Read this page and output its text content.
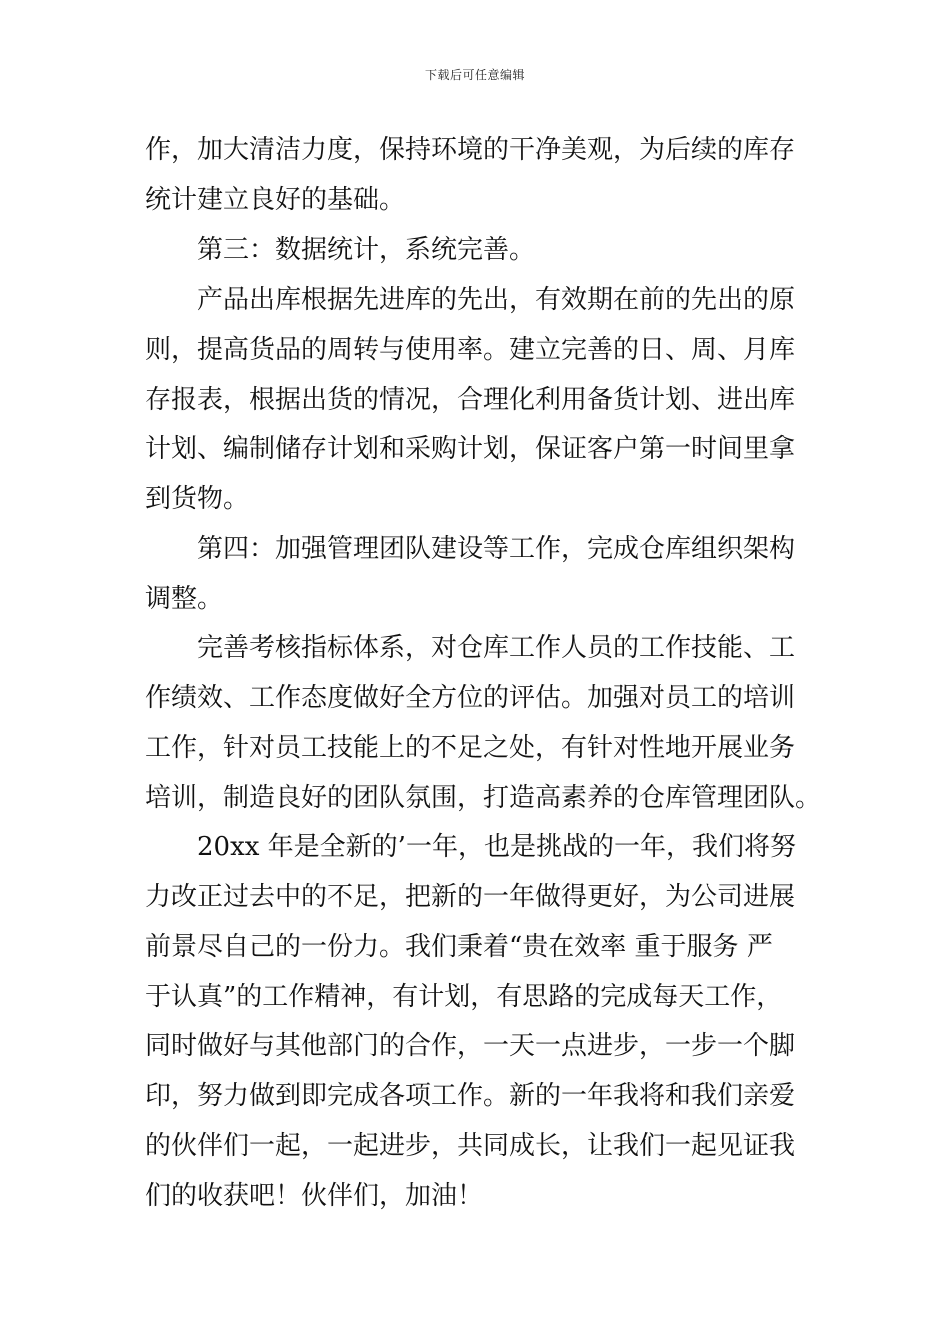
下载后可任意编辑
作，加大清洁力度，保持环境的干净美观，为后续的库存
统计建立良好的基础。
第三：数据统计，系统完善。
产品出库根据先进库的先出，有效期在前的先出的原
则，提高货品的周转与使用率。建立完善的日、周、月库
存报表，根据出货的情况，合理化利用备货计划、进出库
计划、编制储存计划和采购计划，保证客户第一时间里拿
到货物。
第四：加强管理团队建设等工作，完成仓库组织架构
调整。
完善考核指标体系，对仓库工作人员的工作技能、工
作绩效、工作态度做好全方位的评估。加强对员工的培训
工作，针对员工技能上的不足之处，有针对性地开展业务
培训，制造良好的团队氛围，打造高素养的仓库管理团队。
20xx 年是全新的’一年，也是挑战的一年，我们将努
力改正过去中的不足，把新的一年做得更好，为公司进展
前景尽自己的一份力。我们秉着“贵在效率 重于服务 严
于认真”的工作精神，有计划，有思路的完成每天工作，
同时做好与其他部门的合作，一天一点进步，一步一个脚
印，努力做到即完成各项工作。新的一年我将和我们亲爱
的伙伴们一起，一起进步，共同成长，让我们一起见证我
们的收获吧！伙伴们，加油！
